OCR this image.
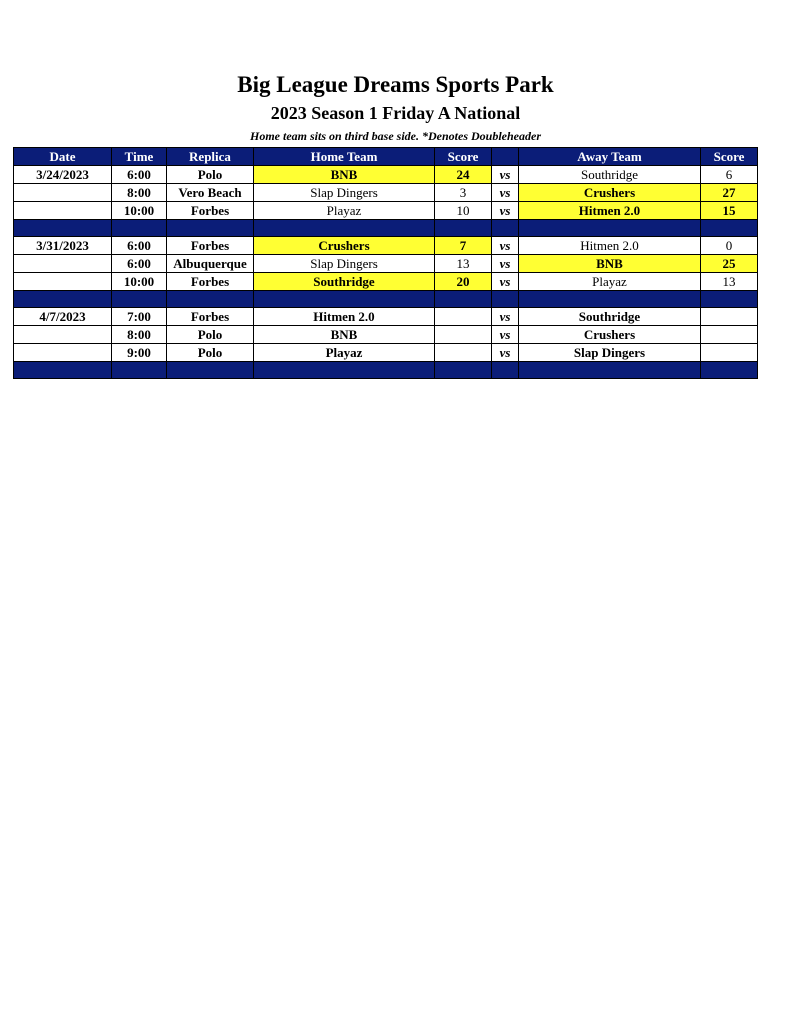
Big League Dreams Sports Park
2023 Season 1 Friday A National
Home team sits on third base side. *Denotes Doubleheader
Date	Time	Replica	Home Team	Score		Away Team	Score
3/24/2023	6:00	Polo	BNB	24	vs	Southridge	6
	8:00	Vero Beach	Slap Dingers	3	vs	Crushers	27
	10:00	Forbes	Playaz	10	vs	Hitmen 2.0	15

3/31/2023	6:00	Forbes	Crushers	7	vs	Hitmen 2.0	0
	6:00	Albuquerque	Slap Dingers	13	vs	BNB	25
	10:00	Forbes	Southridge	20	vs	Playaz	13

4/7/2023	7:00	Forbes	Hitmen 2.0		vs	Southridge	
	8:00	Polo	BNB		vs	Crushers	
	9:00	Polo	Playaz		vs	Slap Dingers	
